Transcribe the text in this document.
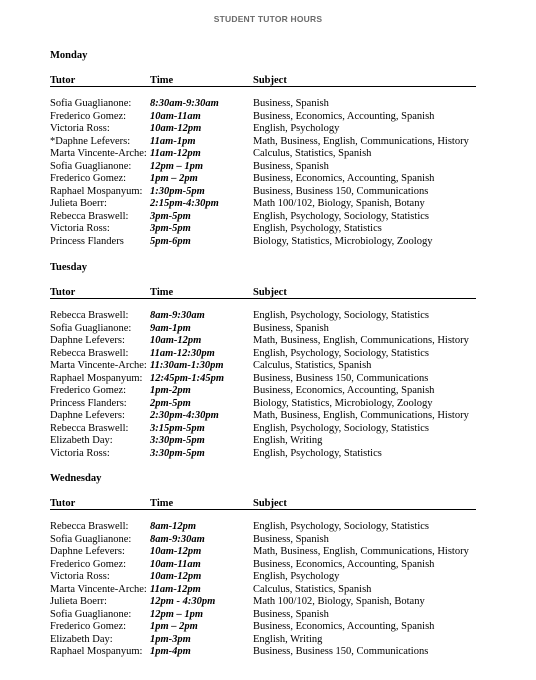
STUDENT TUTOR HOURS
Monday
Tutor	Time	Subject
Sofia Guaglianone: 8:30am-9:30am	Business, Spanish
Frederico Gomez: 10am-11am	Business, Economics, Accounting, Spanish
Victoria Ross:	10am-12pm	English, Psychology
*Daphne Lefevers: 11am-1pm	Math, Business, English, Communications, History
Marta Vincente-Arche: 11am-12pm	Calculus, Statistics, Spanish
Sofia Guaglianone: 12pm – 1pm	Business, Spanish
Frederico Gomez: 1pm – 2pm	Business, Economics, Accounting, Spanish
Raphael Mospanyum: 1:30pm-5pm	Business, Business 150, Communications
Julieta Boerr:	2:15pm-4:30pm	Math 100/102, Biology, Spanish, Botany
Rebecca Braswell: 3pm-5pm	English, Psychology, Sociology, Statistics
Victoria Ross:	3pm-5pm	English, Psychology, Statistics
Princess Flanders 5pm-6pm	Biology, Statistics, Microbiology, Zoology
Tuesday
Tutor	Time	Subject
Rebecca Braswell: 8am-9:30am	English, Psychology, Sociology, Statistics
Sofia Guaglianone: 9am-1pm	Business, Spanish
Daphne Lefevers: 10am-12pm	Math, Business, English, Communications, History
Rebecca Braswell: 11am-12:30pm	English, Psychology, Sociology, Statistics
Marta Vincente-Arche: 11:30am-1:30pm	Calculus, Statistics, Spanish
Raphael Mospanyum: 12:45pm-1:45pm	Business, Business 150, Communications
Frederico Gomez: 1pm-2pm	Business, Economics, Accounting, Spanish
Princess Flanders: 2pm-5pm	Biology, Statistics, Microbiology, Zoology
Daphne Lefevers: 2:30pm-4:30pm	Math, Business, English, Communications, History
Rebecca Braswell: 3:15pm-5pm	English, Psychology, Sociology, Statistics
Elizabeth Day:	3:30pm-5pm	English, Writing
Victoria Ross:	3:30pm-5pm	English, Psychology, Statistics
Wednesday
Tutor	Time	Subject
Rebecca Braswell: 8am-12pm	English, Psychology, Sociology, Statistics
Sofia Guaglianone: 8am-9:30am	Business, Spanish
Daphne Lefevers: 10am-12pm	Math, Business, English, Communications, History
Frederico Gomez: 10am-11am	Business, Economics, Accounting, Spanish
Victoria Ross:	10am-12pm	English, Psychology
Marta Vincente-Arche: 11am-12pm	Calculus, Statistics, Spanish
Julieta Boerr:	12pm - 4:30pm	Math 100/102, Biology, Spanish, Botany
Sofia Guaglianone: 12pm – 1pm	Business, Spanish
Frederico Gomez: 1pm – 2pm	Business, Economics, Accounting, Spanish
Elizabeth Day:	1pm-3pm	English, Writing
Raphael Mospanyum: 1pm-4pm	Business, Business 150, Communications
